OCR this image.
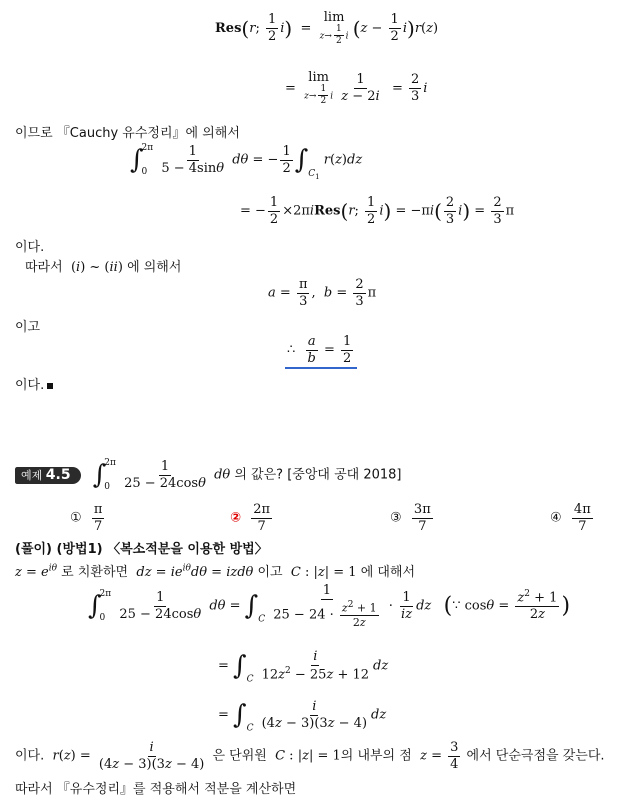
Res(r; $\frac{1}{2} i$)  =
lim
$z\to \frac{1}{2}$ i $(z - \frac{1}{2} i)r(z)$
=
lim
$z\to \frac{1}{2}$ i
$\frac{1}{z - 2i} = \frac{2}{3}$ i
이므로 『Cauchy 유수정리』에 의해서
∫
2π
0
$\frac{1}{5 - 4\sin\theta}$ dθ = − $\frac{1}{2} \int_{C_1}$ r(z)dz
= − $\frac{1}{2}$ ×2πiRes(r; $\frac{1}{2} i) = -\pi i( \frac{2}{3} i) = \frac{2}{3}$ π
이다.
따라서 (i) ~ (ii) 에 의해서
$a = \frac{\pi}{3}$ ,  $b = \frac{2}{3}$ π
이고
∴ $\frac{a}{b} = \frac{1}{2}$
이다.
예제 4.5 ∫
2π
0
$\frac{1}{25 - 24\cos\theta}$ dθ 의 값은? [중앙대 공대 2018]
① $\frac{\pi}{7}$	② $\frac{2\pi}{7}$	③ $\frac{3\pi}{7}$	④ $\frac{4\pi}{7}$
(풀이) (방법1) 〈복소적분을 이용한 방법〉
$z = e^{i\theta}$ 로 치환하면 dz = $ie^{i\theta}d\theta = izd\theta$ 이고 C : |z| = 1 에 대해서
∫
2π
0
$\frac{1}{25 - 24\cos\theta}$ $d\theta = \int_C \frac{1}{25 - 24 \cdot \frac{z^2 + 1}{2z}} \cdot \frac{1}{iz}$ dz (∵ $\cos\theta = \frac{z^2 + 1}{2z}$ )
= $\int_C \frac{i}{12z^2 - 25z + 12}$ dz
= $\int_C \frac{i}{(4z - 3)(3z - 4)}$ dz
이다. $r(z) = \frac{i}{(4z - 3)(3z - 4)}$ 은 단위원 C : |z| = 1의 내부의 점 $z = \frac{3}{4}$ 에서 단순극점을 갖는다.
따라서 『유수정리』를 적용해서 적분을 계산하면
